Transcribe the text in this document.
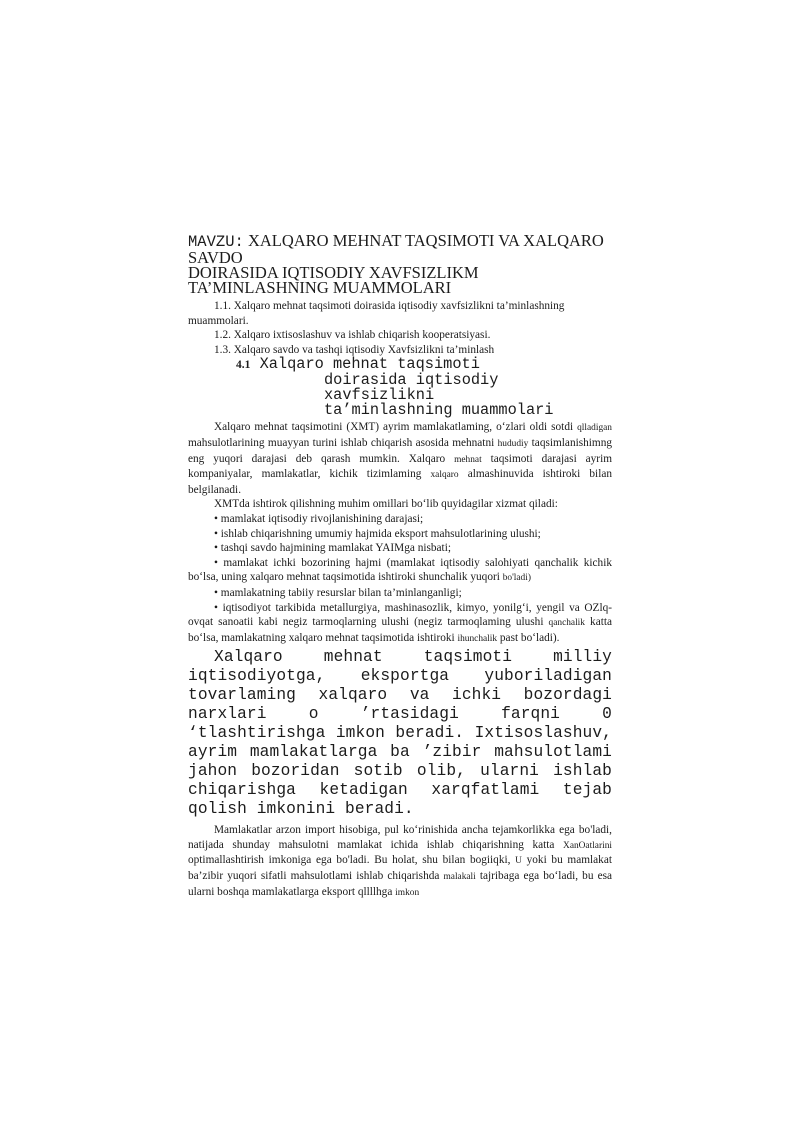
MAVZU: XALQARO MEHNAT TAQSIMOTI VA XALQARO
SAVDO
DOIRASIDA IQTISODIY XAVFSIZLIKM
TA’MINLASHNING MUAMMOLARI

1.1. Xalqaro mehnat taqsimoti doirasida iqtisodiy xavfsizlikni ta’minlashning

muammolari.

1.2. Xalqaro ixtisoslashuv va ishlab chiqarish kooperatsiyasi.

1.3. Xalqaro savdo va tashqi iqtisodiy Xavfsizlikni ta’minlash

4.1 Xalqaro mehnat taqsimoti
doirasida iqtisodiy
xavfsizlikni
ta’minlashning muammolari

Xalqaro mehnat taqsimotini (XMT) ayrim mamlakatlaming, o‘zlari oldi sotdi qlladigan mahsulotlarining muayyan turini ishlab chiqarish asosida mehnatni hududiy taqsimlanishimng eng yuqori darajasi deb qarash mumkin. Xalqaro mehnat taqsimoti darajasi ayrim kompaniyalar, mamlakatlar, kichik tizimlaming xalqaro almashinuvida ishtiroki bilan belgilanadi.

XMTda ishtirok qilishning muhim omillari bo‘lib quyidagilar xizmat qiladi:

• mamlakat iqtisodiy rivojlanishining darajasi;

• ishlab chiqarishning umumiy hajmida eksport mahsulotlarining ulushi;

• tashqi savdo hajmining mamlakat YAIMga nisbati;

• mamlakat ichki bozorining hajmi (mamlakat iqtisodiy salohiyati qanchalik kichik bo‘lsa, uning xalqaro mehnat taqsimotida ishtiroki shunchalik yuqori bo'ladi)

• mamlakatning tabiiy resurslar bilan ta’minlanganligi;

• iqtisodiyot tarkibida metallurgiya, mashinasozlik, kimyo, yonilg‘i, yengil va OZlq-ovqat sanoatii kabi negiz tarmoqlarning ulushi (negiz tarmoqlaming ulushi qanchalik katta bo‘lsa, mamlakatning xalqaro mehnat taqsimotida ishtiroki ihunchalik past bo‘ladi).

Xalqaro mehnat taqsimoti milliy
iqtisodiyotga, eksportga yuboriladigan
tovarlaming xalqaro va ichki bozordagi
narxlari o ’rtasidagi farqni 0
‘tlashtirishga imkon beradi. Ixtisoslashuv,
ayrim mamlakatlarga ba ’zibir mahsulotlami
jahon bozoridan sotib olib, ularni ishlab
chiqarishga ketadigan xarqfatlami tejab
qolish imkonini beradi.

Mamlakatlar arzon import hisobiga, pul ko‘rinishida ancha tejamkorlikka ega bo'ladi, natijada shunday mahsulotni mamlakat ichida ishlab chiqarishning katta XanOatlarini optimallashtirish imkoniga ega bo'ladi. Bu holat, shu bilan bogiiqki, U yoki bu mamlakat ba’zibir yuqori sifatli mahsulotlami ishlab chiqarishda malakali tajribaga ega bo‘ladi, bu esa ularni boshqa mamlakatlarga eksport qllllhga imkon
